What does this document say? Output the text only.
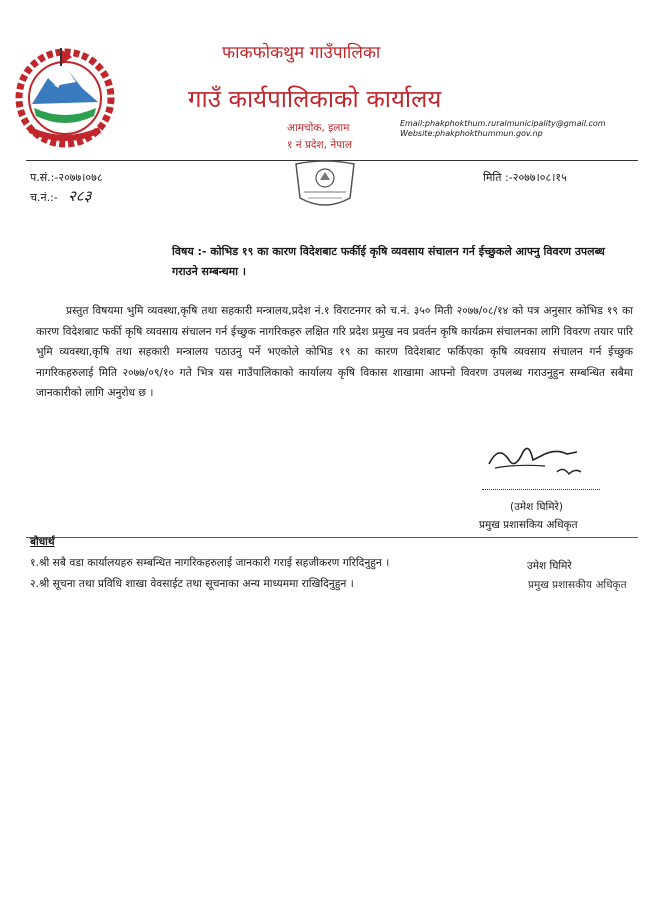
फाकफोकथुम गाउँपालिका
गाउँ कार्यपालिकाको कार्यालय
आमचोक, इलाम
१ नं प्रदेश, नेपाल
Email:phakphokthum.ruralmunicipality@gmail.com
Website:phakphokthummun.gov.np
प.सं.:-२०७७।०७८
च.नं.:- २८३
मिति :-२०७७।०८।१५
विषय :- कोभिड १९ का कारण विदेशबाट फर्कीई कृषि व्यवसाय संचालन गर्न ईच्छुकले आफ्नु विवरण उपलब्ध गराउने सम्बन्धमा ।
प्रस्तुत विषयमा भुमि व्यवस्था,कृषि तथा सहकारी मन्त्रालय,प्रदेश नं.१ विराटनगर को च.नं. ३५० मिती २०७७/०८/१४ को पत्र अनुसार कोभिड १९ का कारण विदेशबाट फर्की कृषि व्यवसाय संचालन गर्न ईच्छुक नागरिकहरु लक्षित गरि प्रदेश प्रमुख नव प्रवर्तन कृषि कार्यक्रम संचालनका लागि विवरण तयार पारि भुमि व्यवस्था,कृषि तथा सहकारी मन्त्रालय पठाउनु पर्ने भएकोले कोभिड १९ का कारण विदेशबाट फर्किएका कृषि व्यवसाय संचालन गर्न ईच्छुक नागरिकहरुलाई मिति २०७७/०९/१० गते भित्र यस गाउँपालिकाको कार्यालय कृषि विकास शाखामा आफ्नो विवरण उपलब्ध गराउनुहुन सम्बन्धित सबैमा जानकारीको लागि अनुरोध छ ।
(उमेश घिमिरे)
प्रमुख प्रशासकिय अधिकृत
बोधार्थ
१.श्री सबै वडा कार्यालयहरु सम्बन्धित नागरिकहरुलाई जानकारी गराई सहजीकरण गरिदिनुहुन ।
२.श्री सूचना तथा प्रविधि शाखा वेवसाईट तथा सूचनाका अन्य माध्यममा राखिदिनुहुन ।
उमेश घिमिरे
प्रमुख प्रशासकीय अधिकृत
